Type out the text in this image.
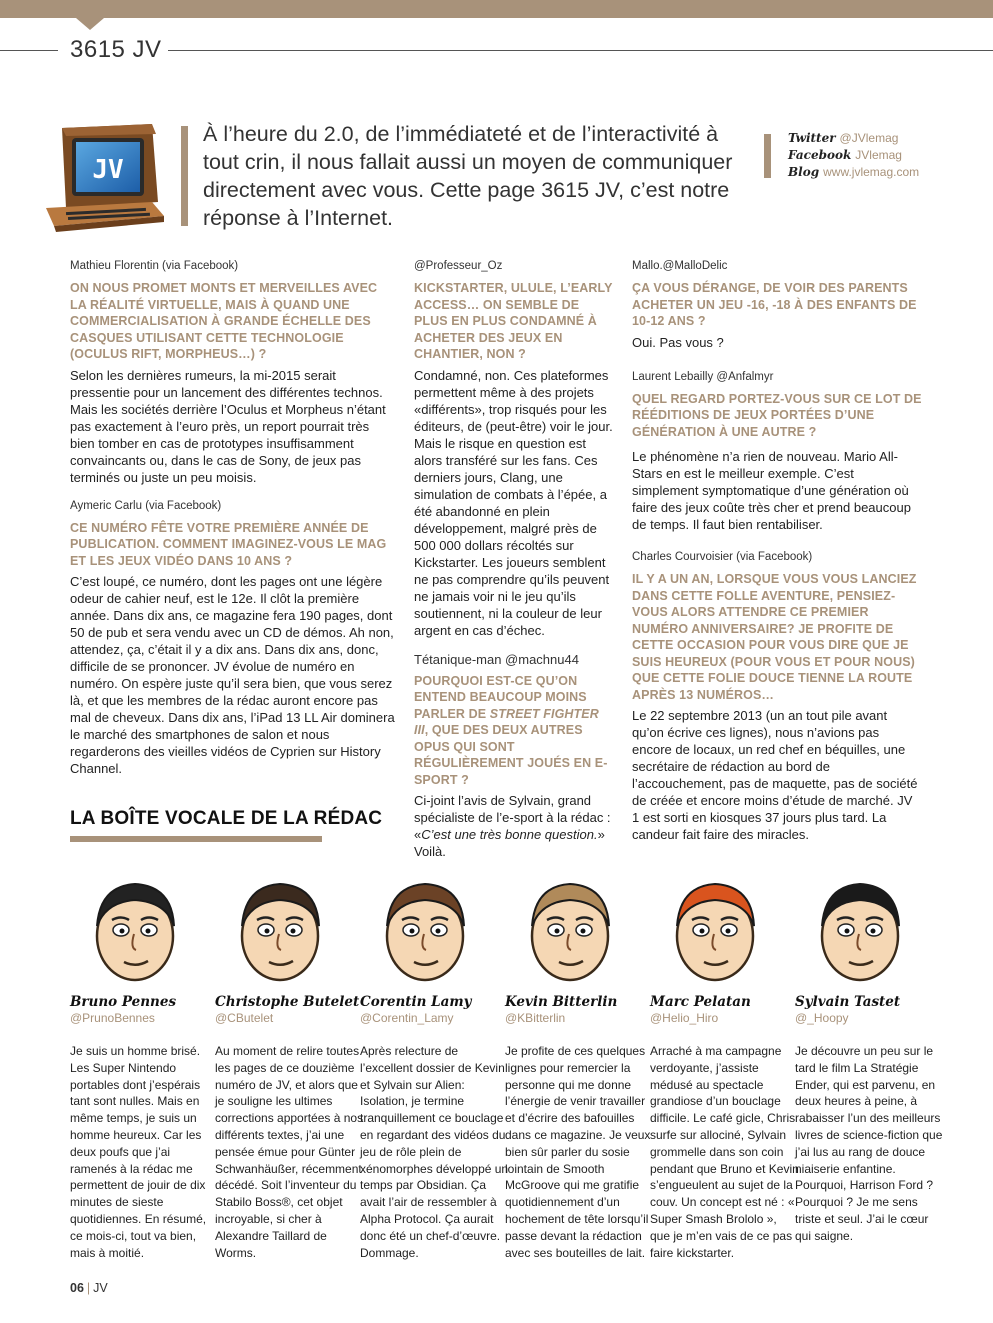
3615 JV
JV
À l’heure du 2.0, de l’immédiateté et de l’interactivité à tout crin, il nous fallait aussi un moyen de communiquer directement avec vous. Cette page 3615 JV, c’est notre réponse à l’Internet.
Twitter @JVlemag
Facebook JVlemag
Blog www.jvlemag.com
Mathieu Florentin (via Facebook)
ON NOUS PROMET MONTS ET MERVEILLES AVEC LA RÉALITÉ VIRTUELLE, MAIS À QUAND UNE COMMERCIALISATION À GRANDE ÉCHELLE DES CASQUES UTILISANT CETTE TECHNOLOGIE (OCULUS RIFT, MORPHEUS…) ?
Selon les dernières rumeurs, la mi-2015 serait pressentie pour un lancement des différentes technos. Mais les sociétés derrière l’Oculus et Morpheus n’étant pas exactement à l’euro près, un report pourrait très bien tomber en cas de prototypes insuffisamment convaincants ou, dans le cas de Sony, de jeux pas terminés ou juste un peu moisis.
Aymeric Carlu (via Facebook)
CE NUMÉRO FÊTE VOTRE PREMIÈRE ANNÉE DE PUBLICATION. COMMENT IMAGINEZ-VOUS LE MAG ET LES JEUX VIDÉO DANS 10 ANS ?
C’est loupé, ce numéro, dont les pages ont une légère odeur de cahier neuf, est le 12e. Il clôt la première année. Dans dix ans, ce magazine fera 190 pages, dont 50 de pub et sera vendu avec un CD de démos. Ah non, attendez, ça, c’était il y a dix ans. Dans dix ans, donc, difficile de se prononcer. JV évolue de numéro en numéro. On espère juste qu’il sera bien, que vous serez là, et que les membres de la rédac auront encore pas mal de cheveux. Dans dix ans, l’iPad 13 LL Air dominera le marché des smartphones de salon et nous regarderons des vieilles vidéos de Cyprien sur History Channel.
@Professeur_Oz
KICKSTARTER, ULULE, L’EARLY ACCESS… ON SEMBLE DE PLUS EN PLUS CONDAMNÉ À ACHETER DES JEUX EN CHANTIER, NON ?
Condamné, non. Ces plateformes permettent même à des projets «différents», trop risqués pour les éditeurs, de (peut-être) voir le jour. Mais le risque en question est alors transféré sur les fans. Ces derniers jours, Clang, une simulation de combats à l’épée, a été abandonné en plein développement, malgré près de 500 000 dollars récoltés sur Kickstarter. Les joueurs semblent ne pas comprendre qu’ils peuvent ne jamais voir ni le jeu qu’ils soutiennent, ni la couleur de leur argent en cas d’échec.
Tétanique-man @machnu44
POURQUOI EST-CE QU’ON ENTEND BEAUCOUP MOINS PARLER DE STREET FIGHTER III, QUE DES DEUX AUTRES OPUS QUI SONT RÉGULIÈREMENT JOUÉS EN E-SPORT ?
Ci-joint l’avis de Sylvain, grand spécialiste de l’e-sport à la rédac : «C’est une très bonne question.» Voilà.
Mallo.@MalloDelic
ÇA VOUS DÉRANGE, DE VOIR DES PARENTS ACHETER UN JEU -16, -18 À DES ENFANTS DE 10-12 ANS ?
Oui. Pas vous ?
Laurent Lebailly @Anfalmyr
QUEL REGARD PORTEZ-VOUS SUR CE LOT DE RÉÉDITIONS DE JEUX PORTÉES D’UNE GÉNÉRATION À UNE AUTRE ?
Le phénomène n’a rien de nouveau. Mario All-Stars en est le meilleur exemple. C’est simplement symptomatique d’une génération où faire des jeux coûte très cher et prend beaucoup de temps. Il faut bien rentabiliser.
Charles Courvoisier (via Facebook)
IL Y A UN AN, LORSQUE VOUS VOUS LANCIEZ DANS CETTE FOLLE AVENTURE, PENSIEZ-VOUS ALORS ATTENDRE CE PREMIER NUMÉRO ANNIVERSAIRE? JE PROFITE DE CETTE OCCASION POUR VOUS DIRE QUE JE SUIS HEUREUX (POUR VOUS ET POUR NOUS) QUE CETTE FOLIE DOUCE TIENNE LA ROUTE APRÈS 13 NUMÉROS…
Le 22 septembre 2013 (un an tout pile avant qu’on écrive ces lignes), nous n’avions pas encore de locaux, un red chef en béquilles, une secrétaire de rédaction au bord de l’accouchement, pas de maquette, pas de société de créée et encore moins d’étude de marché. JV 1 est sorti en kiosques 37 jours plus tard. La candeur fait faire des miracles.
LA BOÎTE VOCALE DE LA RÉDAC
Bruno Pennes
@PrunoBennes
Je suis un homme brisé. Les Super Nintendo portables dont j’espérais tant sont nulles. Mais en même temps, je suis un homme heureux. Car les deux poufs que j’ai ramenés à la rédac me permettent de jouir de dix minutes de sieste quotidiennes. En résumé, ce mois-ci, tout va bien, mais à moitié.
Christophe Butelet
@CButelet
Au moment de relire toutes les pages de ce douzième numéro de JV, et alors que je souligne les ultimes corrections apportées à nos différents textes, j’ai une pensée émue pour Günter Schwanhäußer, récemment décédé. Soit l’inventeur du Stabilo Boss®, cet objet incroyable, si cher à Alexandre Taillard de Worms.
Corentin Lamy
@Corentin_Lamy
Après relecture de l’excellent dossier de Kevin et Sylvain sur Alien: Isolation, je termine tranquillement ce bouclage en regardant des vidéos du jeu de rôle plein de xénomorphes développé un temps par Obsidian. Ça avait l’air de ressembler à Alpha Protocol. Ça aurait donc été un chef-d’œuvre. Dommage.
Kevin Bitterlin
@KBitterlin
Je profite de ces quelques lignes pour remercier la personne qui me donne l’énergie de venir travailler et d’écrire des bafouilles dans ce magazine. Je veux bien sûr parler du sosie lointain de Smooth McGroove qui me gratifie quotidiennement d’un hochement de tête lorsqu’il passe devant la rédaction avec ses bouteilles de lait.
Marc Pelatan
@Helio_Hiro
Arraché à ma campagne verdoyante, j’assiste médusé au spectacle grandiose d’un bouclage difficile. Le café gicle, Chris surfe sur allociné, Sylvain grommelle dans son coin pendant que Bruno et Kevin s’engueulent au sujet de la couv. Un concept est né : « Super Smash Brololo », que je m’en vais de ce pas faire kickstarter.
Sylvain Tastet
@_Hoopy
Je découvre un peu sur le tard le film La Stratégie Ender, qui est parvenu, en deux heures à peine, à rabaisser l’un des meilleurs livres de science-fiction que j’ai lus au rang de douce niaiserie enfantine. Pourquoi, Harrison Ford ? Pourquoi ? Je me sens triste et seul. J’ai le cœur qui saigne.
06 | JV
